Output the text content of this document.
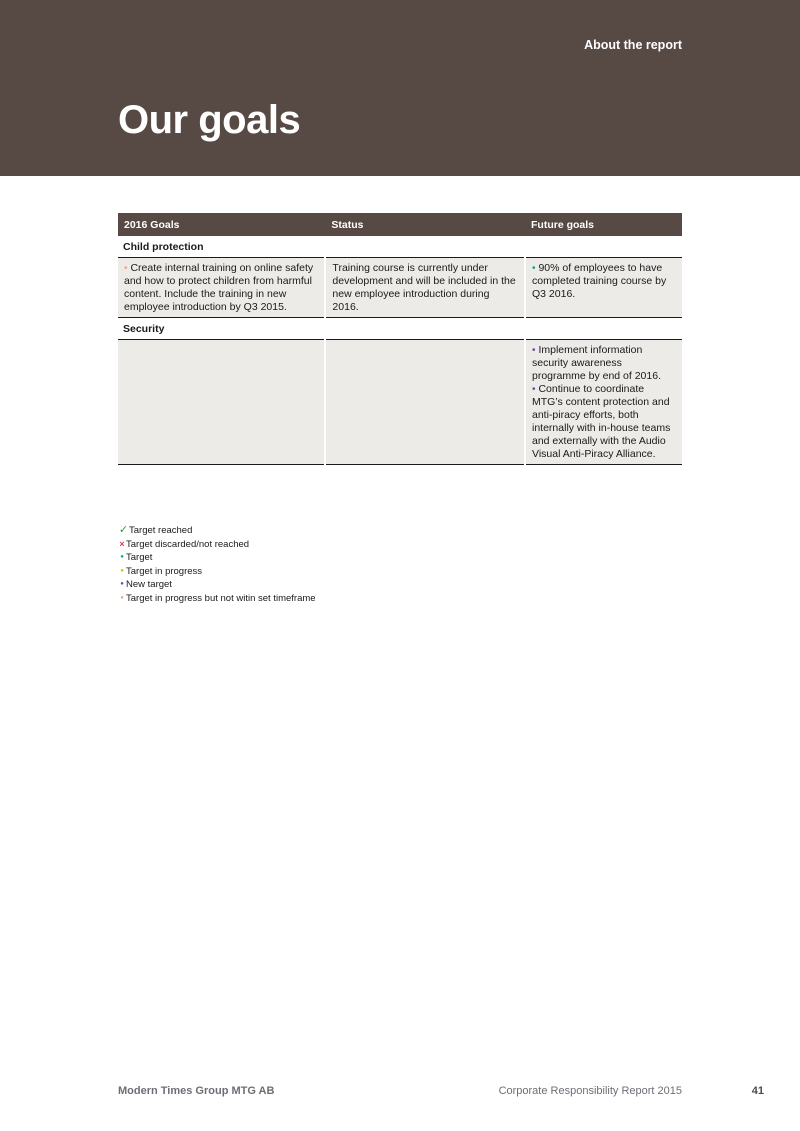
About the report
Our goals
2016 Goals	Status	Future goals
Child protection		
• Create internal training on online safety and how to protect children from harmful content. Include the training in new employee introduction by Q3 2015.	Training course is currently under development and will be included in the new employee introduction during 2016.	• 90% of employees to have completed training course by Q3 2016.
Security		

		• Implement information security awareness programme by end of 2016.
• Continue to coordinate MTG’s content protection and anti-piracy efforts, both internally with in-house teams and externally with the Audio Visual Anti-Piracy Alliance.
✓ Target reached
× Target discarded/not reached
● Target
● Target in progress
● New target
● Target in progress but not witin set timeframe
Modern Times Group MTG AB	Corporate Responsibility Report 2015	41
